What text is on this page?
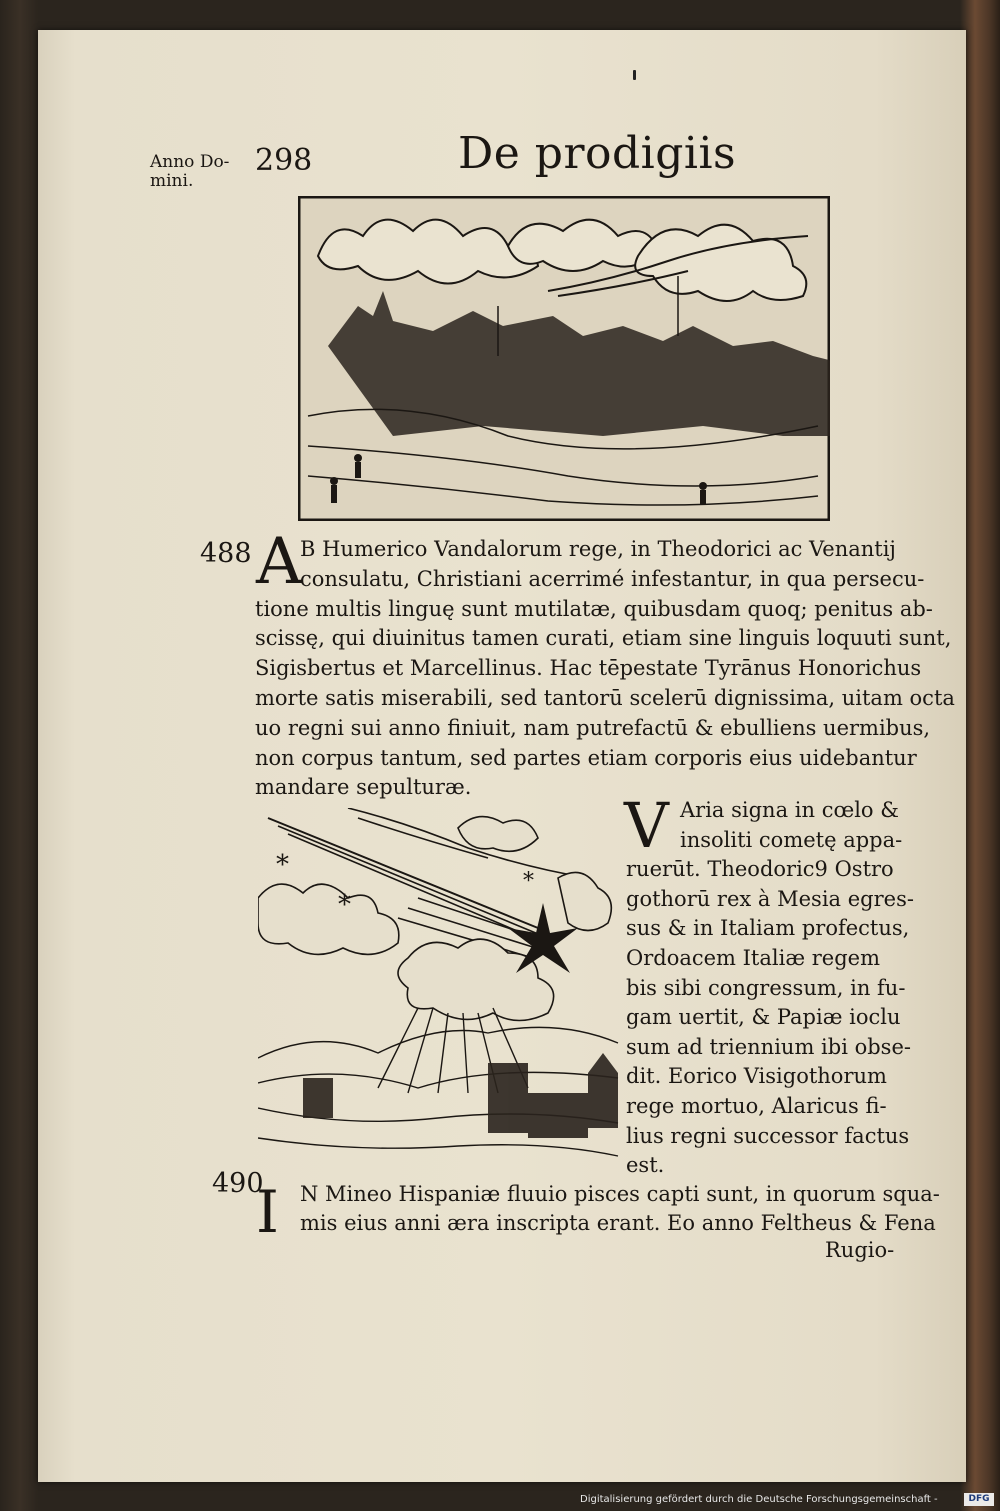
Anno Do-
mini.
298	De prodigiis
488 A
B Humerico Vandalorum rege, in Theodorici ac Venantij
consulatu, Christiani acerrimé infestantur, in qua persecu-
tione multis linguę sunt mutilatæ, quibusdam quoq; penitus ab-
scissę, qui diuinitus tamen curati, etiam sine linguis loquuti sunt,
Sigisbertus et Marcellinus. Hac tēpestate Tyrānus Honorichus
morte satis miserabili, sed tantorū scelerū dignissima, uitam octa
uo regni sui anno finiuit, nam putrefactū & ebulliens uermibus,
non corpus tantum, sed partes etiam corporis eius uidebantur
mandare sepulturæ.
*
*
*
V Aria signa in cœlo &
insoliti cometę appa-
ruerūt. Theodoric9 Ostro
gothorū rex à Mesia egres-
sus & in Italiam profectus,
Ordoacem Italiæ regem
bis sibi congressum, in fu-
gam uertit, & Papiæ ioclu
sum ad triennium ibi obse-
dit. Eorico Visigothorum
rege mortuo, Alaricus fi-
lius regni successor factus
est.
490
I N Mineo Hispaniæ fluuio pisces capti sunt, in quorum squa-
mis eius anni æra inscripta erant. Eo anno Feltheus & Fena
Rugio-
Digitalisierung gefördert durch die Deutsche Forschungsgemeinschaft -	DFG
